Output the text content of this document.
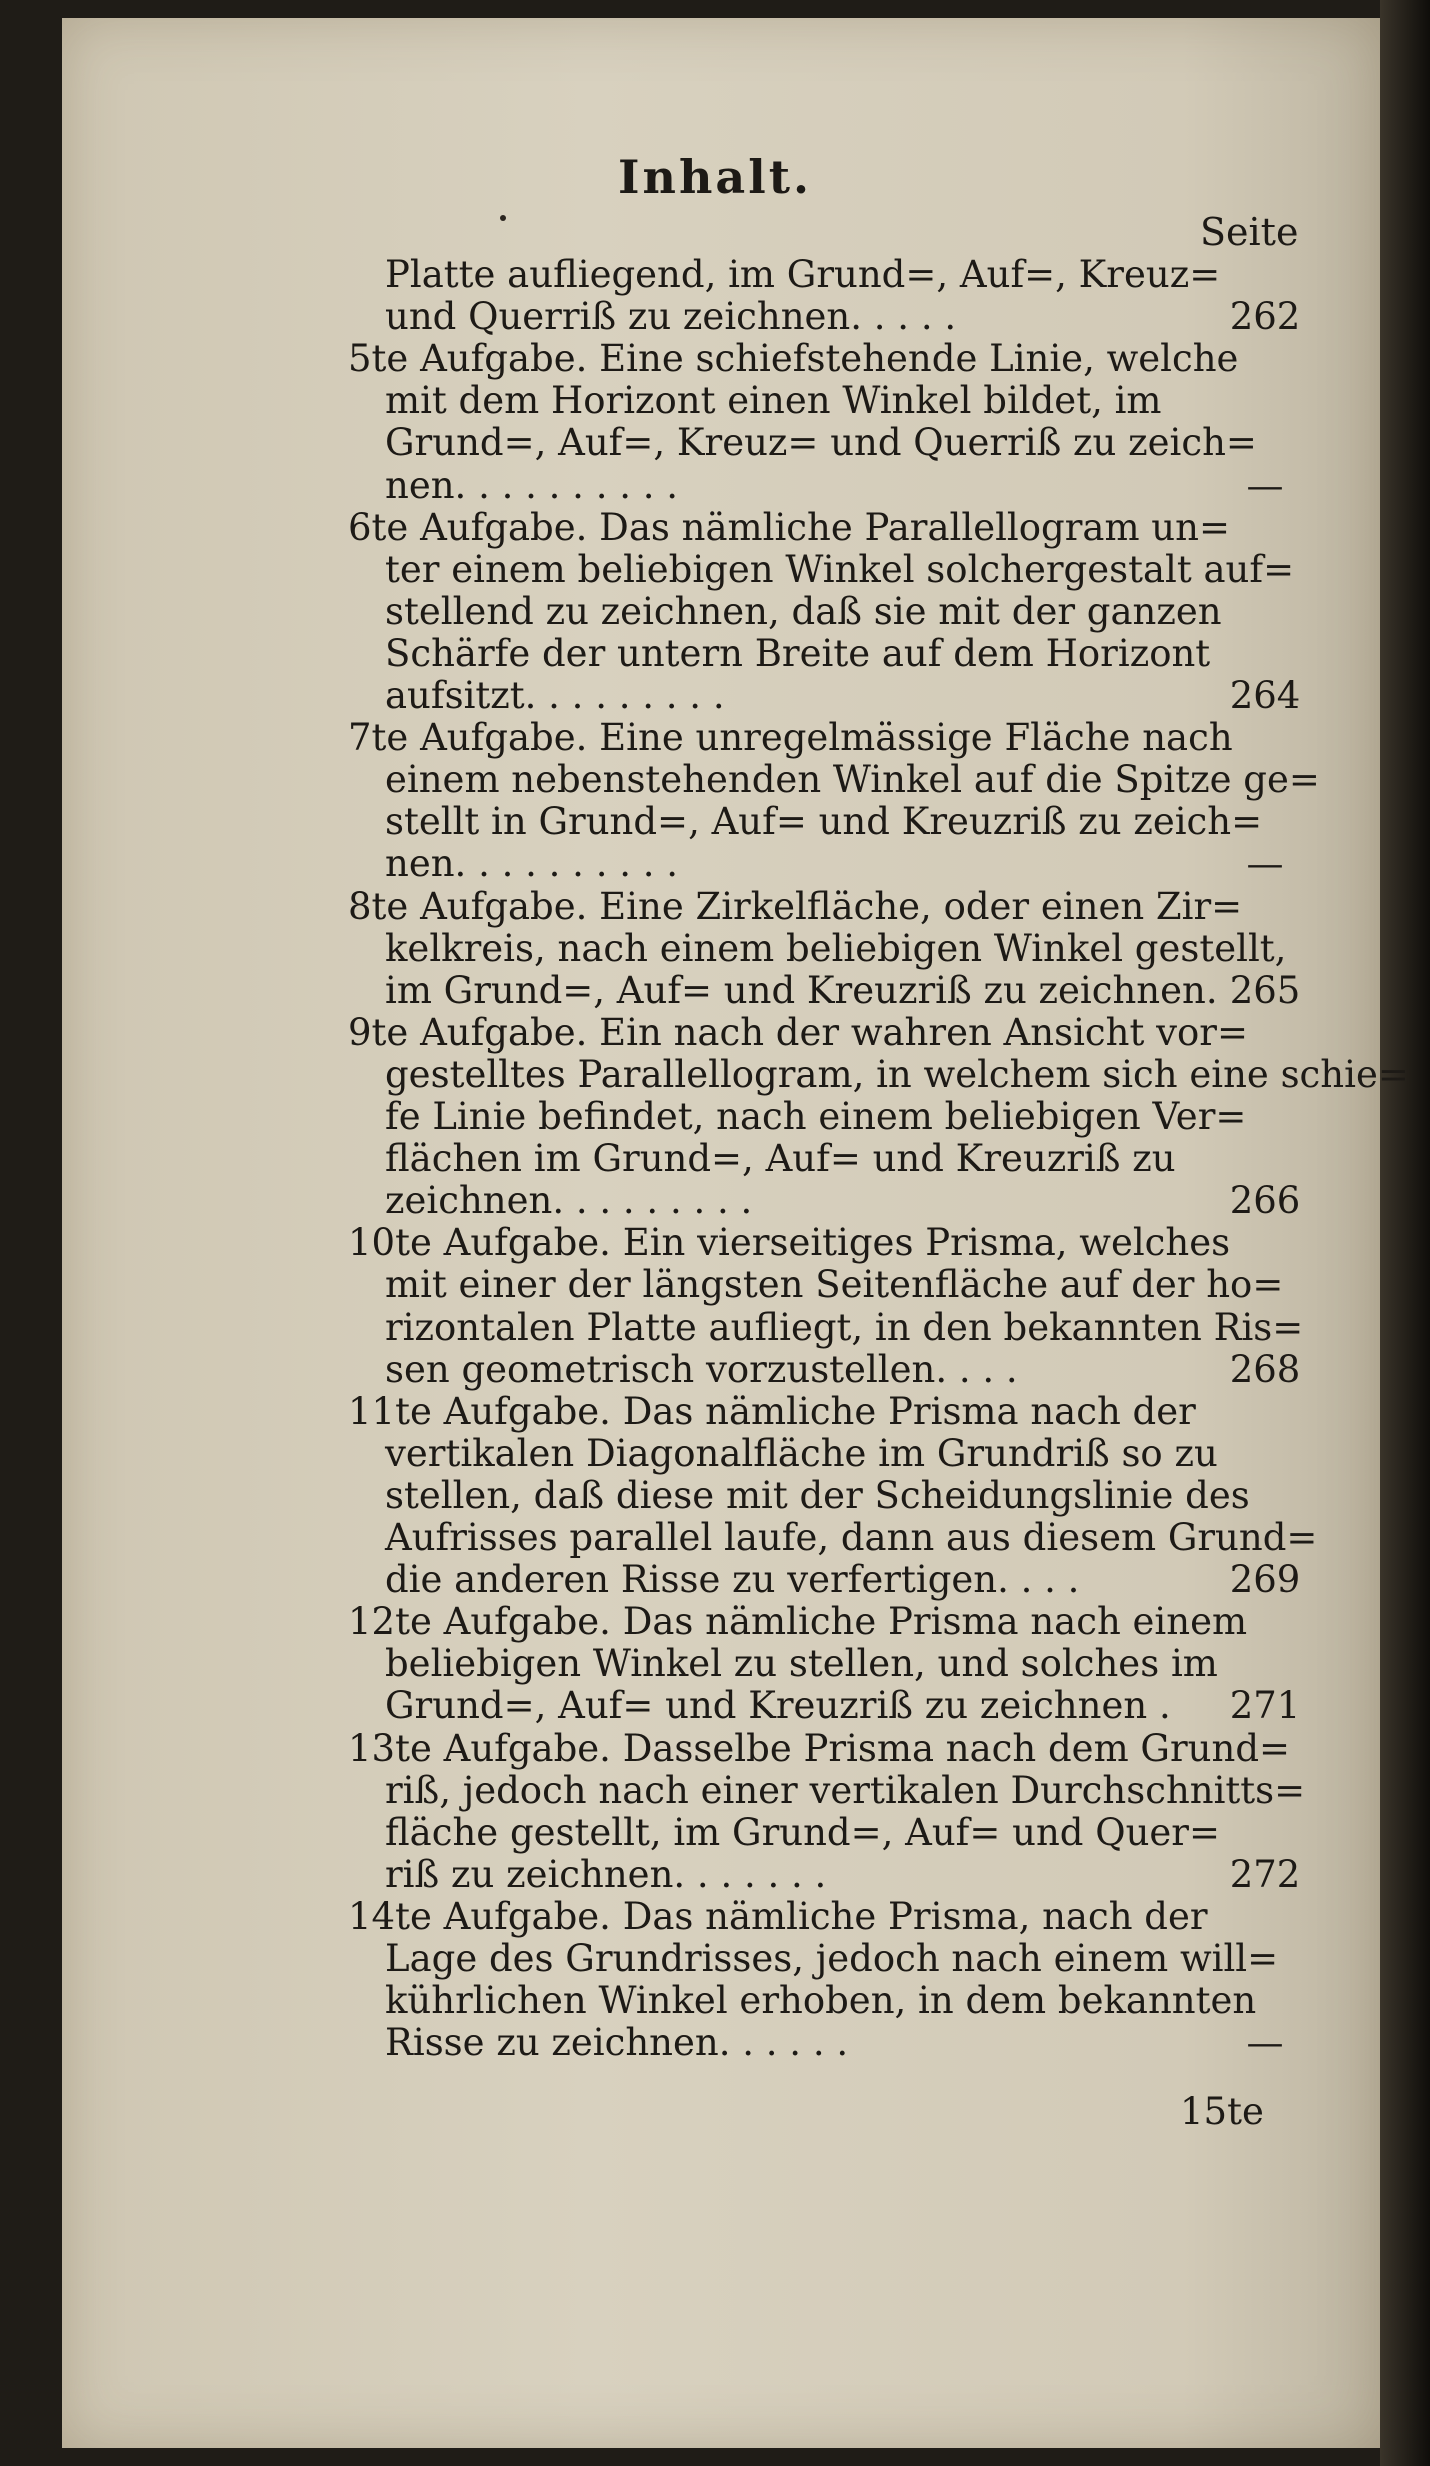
Inhalt.
Seite
Platte aufliegend, im Grund=, Auf=, Kreuz=
und Querriß zu zeichnen. . . . .	262
5te Aufgabe. Eine schiefstehende Linie, welche
mit dem Horizont einen Winkel bildet, im
Grund=, Auf=, Kreuz= und Querriß zu zeich=
nen. . . . . . . . . .	—
6te Aufgabe. Das nämliche Parallellogram un=
ter einem beliebigen Winkel solchergestalt auf=
stellend zu zeichnen, daß sie mit der ganzen
Schärfe der untern Breite auf dem Horizont
aufsitzt. . . . . . . . .	264
7te Aufgabe. Eine unregelmässige Fläche nach
einem nebenstehenden Winkel auf die Spitze ge=
stellt in Grund=, Auf= und Kreuzriß zu zeich=
nen. . . . . . . . . .	—
8te Aufgabe. Eine Zirkelfläche, oder einen Zir=
kelkreis, nach einem beliebigen Winkel gestellt,
im Grund=, Auf= und Kreuzriß zu zeichnen. 265
9te Aufgabe. Ein nach der wahren Ansicht vor=
gestelltes Parallellogram, in welchem sich eine schie=
fe Linie befindet, nach einem beliebigen Ver=
flächen im Grund=, Auf= und Kreuzriß zu
zeichnen. . . . . . . . .	266
10te Aufgabe. Ein vierseitiges Prisma, welches
mit einer der längsten Seitenfläche auf der ho=
rizontalen Platte aufliegt, in den bekannten Ris=
sen geometrisch vorzustellen. . . .	268
11te Aufgabe. Das nämliche Prisma nach der
vertikalen Diagonalfläche im Grundriß so zu
stellen, daß diese mit der Scheidungslinie des
Aufrisses parallel laufe, dann aus diesem Grund=
die anderen Risse zu verfertigen. . . .	269
12te Aufgabe. Das nämliche Prisma nach einem
beliebigen Winkel zu stellen, und solches im
Grund=, Auf= und Kreuzriß zu zeichnen .	271
13te Aufgabe. Dasselbe Prisma nach dem Grund=
riß, jedoch nach einer vertikalen Durchschnitts=
fläche gestellt, im Grund=, Auf= und Quer=
riß zu zeichnen. . . . . . .	272
14te Aufgabe. Das nämliche Prisma, nach der
Lage des Grundrisses, jedoch nach einem will=
kührlichen Winkel erhoben, in dem bekannten
Risse zu zeichnen. . . . . .	—
15te
